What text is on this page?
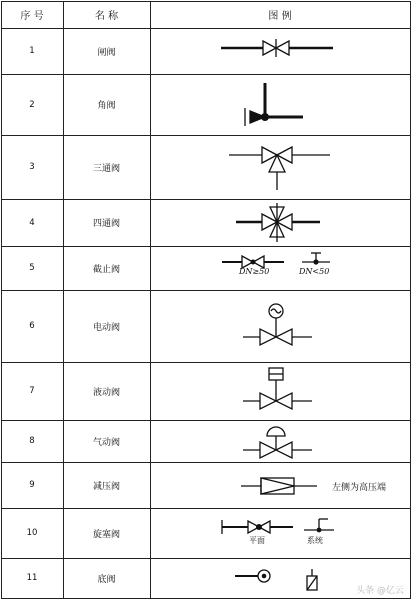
序 号	名 称	图 例
1	闸阀
2	角阀
3	三通阀
4	四通阀
5	截止阀
6	电动阀
7	液动阀
8	气动阀
9	减压阀
10	旋塞阀
11	底阀
DN≥50	DN<50
左侧为高压端
平面	系统
头条 @亿云
